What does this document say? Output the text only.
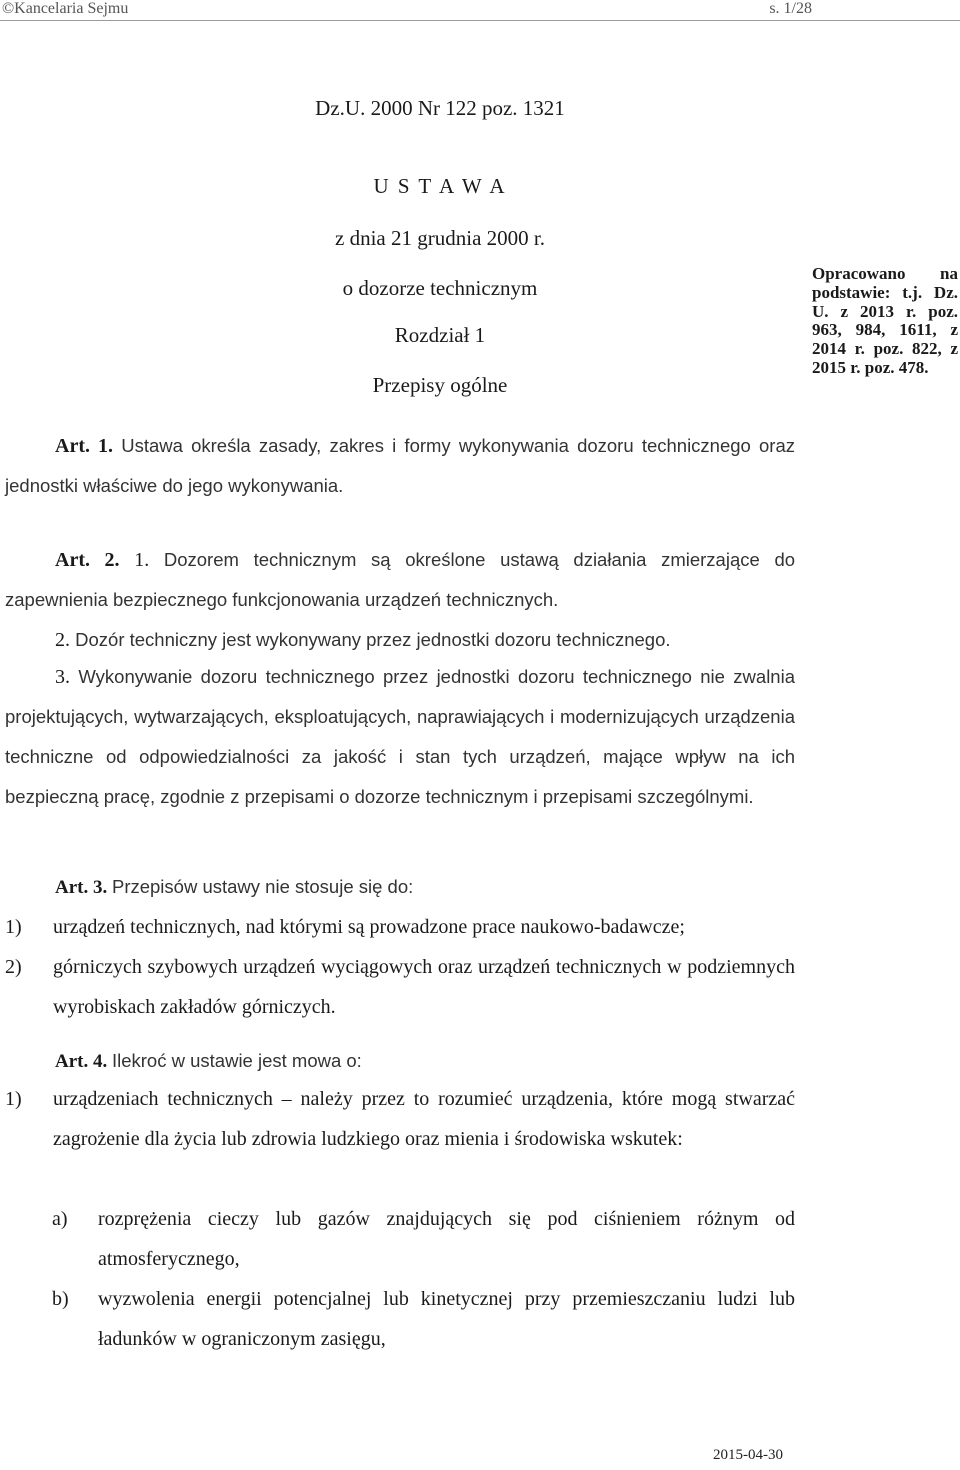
©Kancelaria Sejmu	s. 1/28
Dz.U. 2000 Nr 122 poz. 1321
U S T A W A
z dnia 21 grudnia 2000 r.
o dozorze technicznym
Rozdział 1
Przepisy ogólne
Opracowano na podstawie: t.j. Dz. U. z 2013 r. poz. 963, 984, 1611, z 2014 r. poz. 822, z 2015 r. poz. 478.
Art. 1. Ustawa określa zasady, zakres i formy wykonywania dozoru technicznego oraz jednostki właściwe do jego wykonywania.
Art. 2. 1. Dozorem technicznym są określone ustawą działania zmierzające do zapewnienia bezpiecznego funkcjonowania urządzeń technicznych.
2. Dozór techniczny jest wykonywany przez jednostki dozoru technicznego.
3. Wykonywanie dozoru technicznego przez jednostki dozoru technicznego nie zwalnia projektujących, wytwarzających, eksploatujących, naprawiających i modernizujących urządzenia techniczne od odpowiedzialności za jakość i stan tych urządzeń, mające wpływ na ich bezpieczną pracę, zgodnie z przepisami o dozorze technicznym i przepisami szczególnymi.
Art. 3. Przepisów ustawy nie stosuje się do:
1) urządzeń technicznych, nad którymi są prowadzone prace naukowo-badawcze;
2) górniczych szybowych urządzeń wyciągowych oraz urządzeń technicznych w podziemnych wyrobiskach zakładów górniczych.
Art. 4. Ilekroć w ustawie jest mowa o:
1) urządzeniach technicznych – należy przez to rozumieć urządzenia, które mogą stwarzać zagrożenie dla życia lub zdrowia ludzkiego oraz mienia i środowiska wskutek:
a) rozprężenia cieczy lub gazów znajdujących się pod ciśnieniem różnym od atmosferycznego,
b) wyzwolenia energii potencjalnej lub kinetycznej przy przemieszczaniu ludzi lub ładunków w ograniczonym zasięgu,
2015-04-30
